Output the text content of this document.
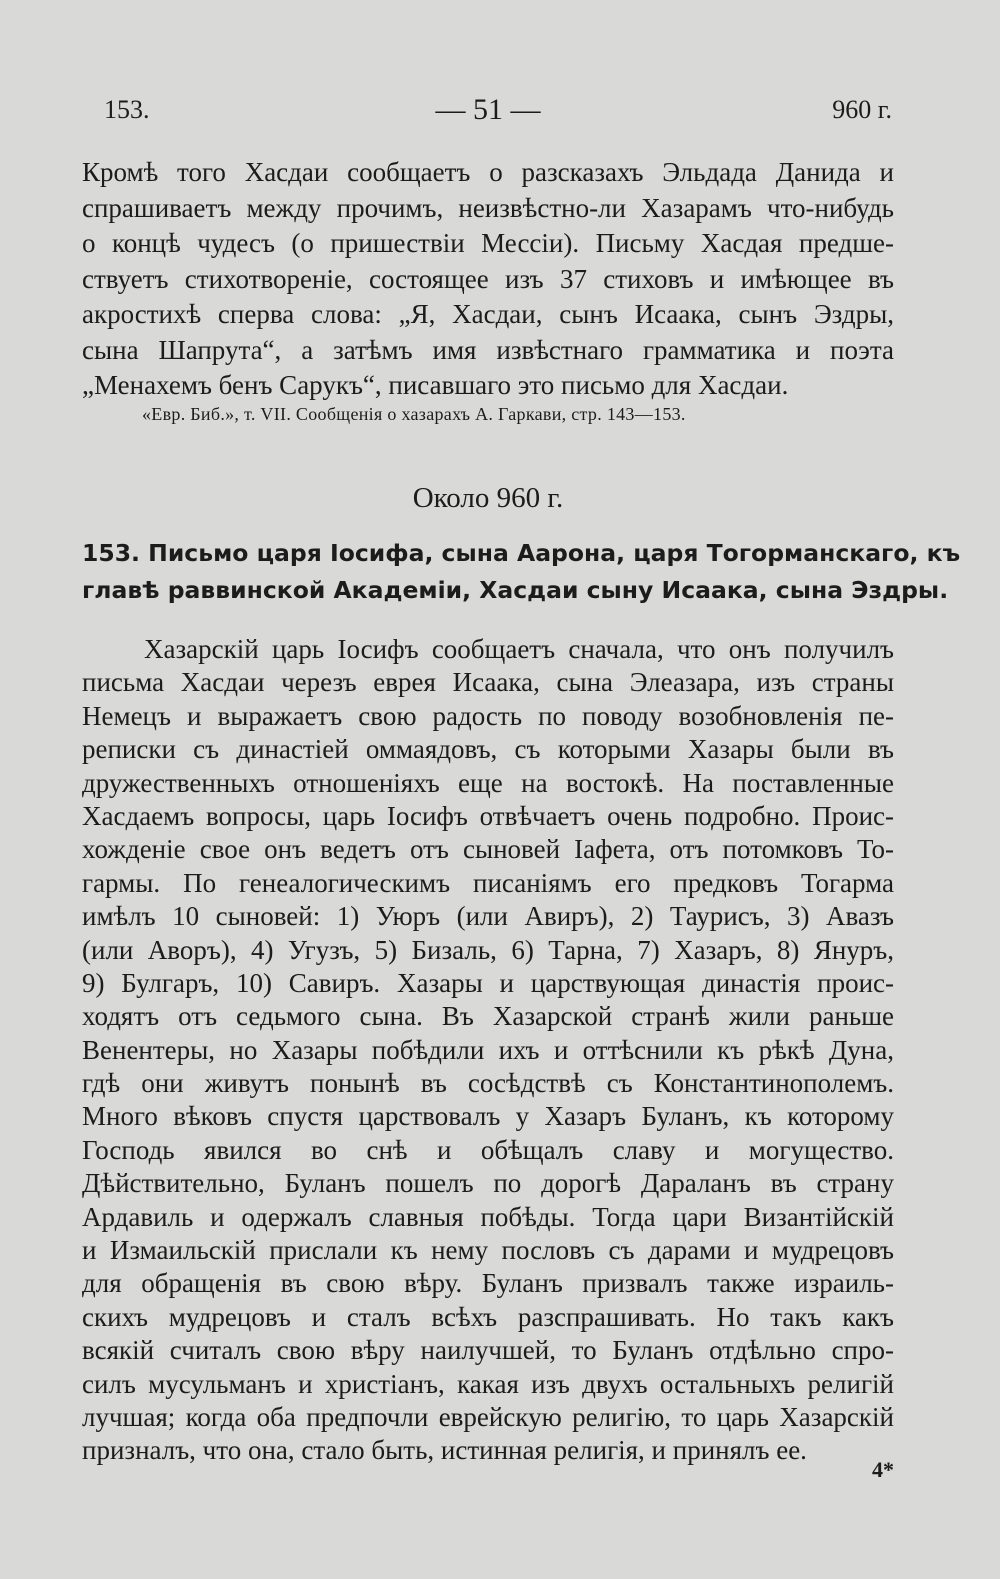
153.	— 51 —	960 г.
Кромѣ того Хасдаи сообщаетъ о разсказахъ Эльдада Данида и
спрашиваетъ между прочимъ, неизвѣстно-ли Хазарамъ что-нибудь
о концѣ чудесъ (о пришествіи Мессіи). Письму Хасдая предше-
ствуетъ стихотвореніе, состоящее изъ 37 стиховъ и имѣющее въ
акростихѣ сперва слова: „Я, Хасдаи, сынъ Исаака, сынъ Эздры,
сына Шапрута“, а затѣмъ имя извѣстнаго грамматика и поэта
„Менахемъ бенъ Сарукъ“, писавшаго это письмо для Хасдаи.
«Евр. Биб.», т. VII. Сообщенія о хазарахъ А. Гаркави, стр. 143—153.
Около 960 г.
153. Письмо царя Іосифа, сына Аарона, царя Тогорманскаго, къ
главѣ раввинской Академіи, Хасдаи сыну Исаака, сына Эздры.
Хазарскій царь Іосифъ сообщаетъ сначала, что онъ получилъ
письма Хасдаи черезъ еврея Исаака, сына Элеазара, изъ страны
Немецъ и выражаетъ свою радость по поводу возобновленія пе-
реписки съ династіей оммаядовъ, съ которыми Хазары были въ
дружественныхъ отношеніяхъ еще на востокѣ. На поставленные
Хасдаемъ вопросы, царь Іосифъ отвѣчаетъ очень подробно. Проис-
хожденіе свое онъ ведетъ отъ сыновей Іафета, отъ потомковъ То-
гармы. По генеалогическимъ писаніямъ его предковъ Тогарма
имѣлъ 10 сыновей: 1) Уюръ (или Авиръ), 2) Таурисъ, 3) Авазъ
(или Аворъ), 4) Угузъ, 5) Бизаль, 6) Тарна, 7) Хазаръ, 8) Януръ,
9) Булгаръ, 10) Савиръ. Хазары и царствующая династія проис-
ходятъ отъ седьмого сына. Въ Хазарской странѣ жили раньше
Венентеры, но Хазары побѣдили ихъ и оттѣснили къ рѣкѣ Дуна,
гдѣ они живутъ понынѣ въ сосѣдствѣ съ Константинополемъ.
Много вѣковъ спустя царствовалъ у Хазаръ Буланъ, къ которому
Господь явился во снѣ и обѣщалъ славу и могущество.
Дѣйствительно, Буланъ пошелъ по дорогѣ Дараланъ въ страну
Ардавиль и одержалъ славныя побѣды. Тогда цари Византійскій
и Измаильскій прислали къ нему пословъ съ дарами и мудрецовъ
для обращенія въ свою вѣру. Буланъ призвалъ также израиль-
скихъ мудрецовъ и сталъ всѣхъ разспрашивать. Но такъ какъ
всякій считалъ свою вѣру наилучшей, то Буланъ отдѣльно спро-
силъ мусульманъ и христіанъ, какая изъ двухъ остальныхъ религій
лучшая; когда оба предпочли еврейскую религію, то царь Хазарскій
призналъ, что она, стало быть, истинная религія, и принялъ ее.
4*
